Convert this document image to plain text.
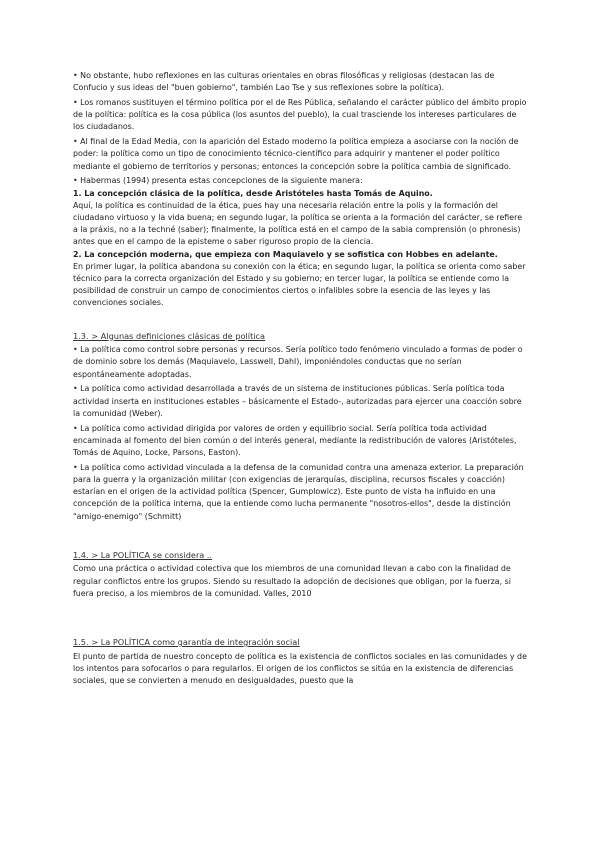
• No obstante, hubo reflexiones en las culturas orientales en obras filosóficas y religiosas (destacan las de Confucio y sus ideas del "buen gobierno", también Lao Tse y sus reflexiones sobre la política).

• Los romanos sustituyen el término política por el de Res Pública, señalando el carácter público del ámbito propio de la política: política es la cosa pública (los asuntos del pueblo), la cual trasciende los intereses particulares de los ciudadanos.

• Al final de la Edad Media, con la aparición del Estado moderno la política empieza a asociarse con la noción de poder: la política como un tipo de conocimiento técnico-científico para adquirir y mantener el poder político mediante el gobierno de territorios y personas; entonces la concepción sobre la política cambia de significado.

• Habermas (1994) presenta estas concepciones de la siguiente manera:

1. La concepción clásica de la política, desde Aristóteles hasta Tomás de Aquino.

Aquí, la política es continuidad de la ética, pues hay una necesaria relación entre la polis y la formación del ciudadano virtuoso y la vida buena; en segundo lugar, la política se orienta a la formación del carácter, se refiere a la práxis, no a la techné (saber); finalmente, la política está en el campo de la sabia comprensión (o phronesis) antes que en el campo de la episteme o saber riguroso propio de la ciencia.

2. La concepción moderna, que empieza con Maquiavelo y se sofistica con Hobbes en adelante.

En primer lugar, la política abandona su conexión con la ética; en segundo lugar, la política se orienta como saber técnico para la correcta organización del Estado y su gobierno; en tercer lugar, la política se entiende como la posibilidad de construir un campo de conocimientos ciertos o infalibles sobre la esencia de las leyes y las convenciones sociales.

1.3. > Algunas definiciones clásicas de política

• La política como control sobre personas y recursos. Sería político todo fenómeno vinculado a formas de poder o de dominio sobre los demás (Maquiavelo, Lasswell, Dahl), imponiéndoles conductas que no serían espontáneamente adoptadas.

• La política como actividad desarrollada a través de un sistema de instituciones públicas. Sería política toda actividad inserta en instituciones estables – básicamente el Estado-, autorizadas para ejercer una coacción sobre la comunidad (Weber).

• La política como actividad dirigida por valores de orden y equilibrio social. Sería política toda actividad encaminada al fomento del bien común o del interés general, mediante la redistribución de valores (Aristóteles, Tomás de Aquino, Locke, Parsons, Easton).

• La política como actividad vinculada a la defensa de la comunidad contra una amenaza exterior. La preparación para la guerra y la organización militar (con exigencias de jerarquías, disciplina, recursos fiscales y coacción) estarían en el origen de la actividad política (Spencer, Gumplowicz). Este punto de vista ha influido en una concepción de la política interna, que la entiende como lucha permanente "nosotros-ellos", desde la distinción "amigo-enemigo" (Schmitt)

1.4. > La POLÍTICA se considera ..

Como una práctica o actividad colectiva que los miembros de una comunidad llevan a cabo con la finalidad de regular conflictos entre los grupos. Siendo su resultado la adopción de decisiones que obligan, por la fuerza, si fuera preciso, a los miembros de la comunidad. Valles, 2010

1.5. > La POLÍTICA como garantía de integración social

El punto de partida de nuestro concepto de política es la existencia de conflictos sociales en las comunidades y de los intentos para sofocarlos o para regularlos. El origen de los conflictos se sitúa en la existencia de diferencias sociales, que se convierten a menudo en desigualdades, puesto que la
